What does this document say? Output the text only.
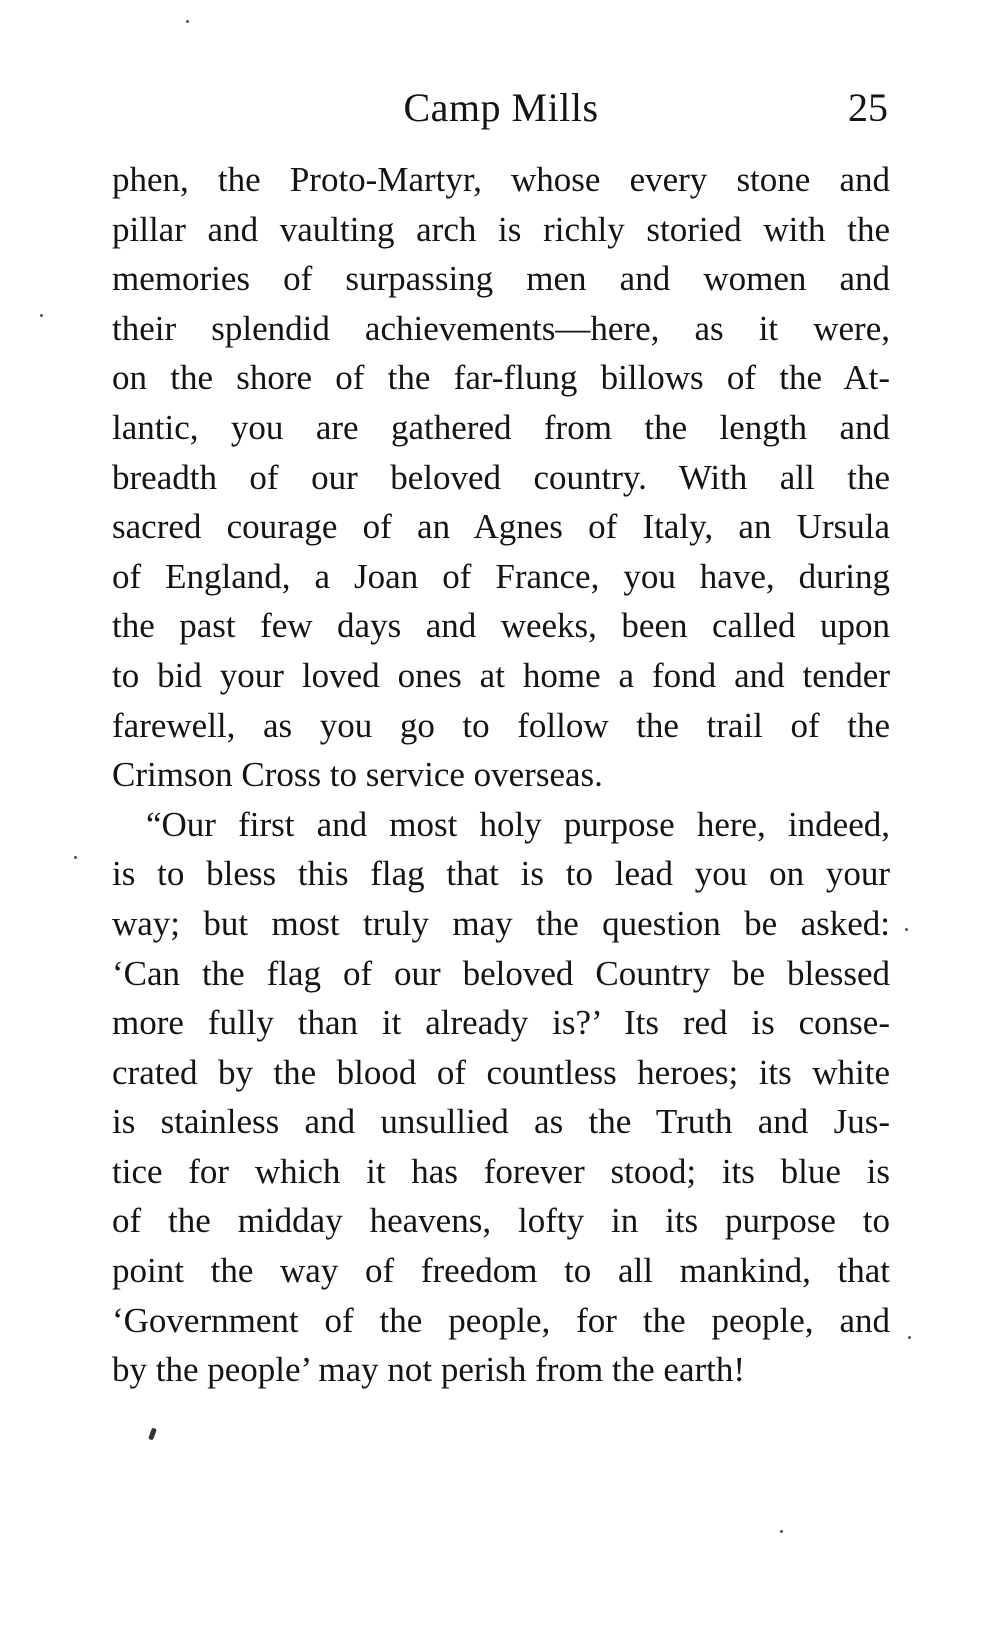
Camp Mills	25
phen, the Proto-Martyr, whose every stone and
pillar and vaulting arch is richly storied with the
memories of surpassing men and women and
their splendid achievements—here, as it were,
on the shore of the far-flung billows of the At-
lantic, you are gathered from the length and
breadth of our beloved country. With all the
sacred courage of an Agnes of Italy, an Ursula
of England, a Joan of France, you have, during
the past few days and weeks, been called upon
to bid your loved ones at home a fond and tender
farewell, as you go to follow the trail of the
Crimson Cross to service overseas.
“Our first and most holy purpose here, indeed,
is to bless this flag that is to lead you on your
way; but most truly may the question be asked:
‘Can the flag of our beloved Country be blessed
more fully than it already is?’ Its red is conse-
crated by the blood of countless heroes; its white
is stainless and unsullied as the Truth and Jus-
tice for which it has forever stood; its blue is
of the midday heavens, lofty in its purpose to
point the way of freedom to all mankind, that
‘Government of the people, for the people, and
by the people’ may not perish from the earth!
